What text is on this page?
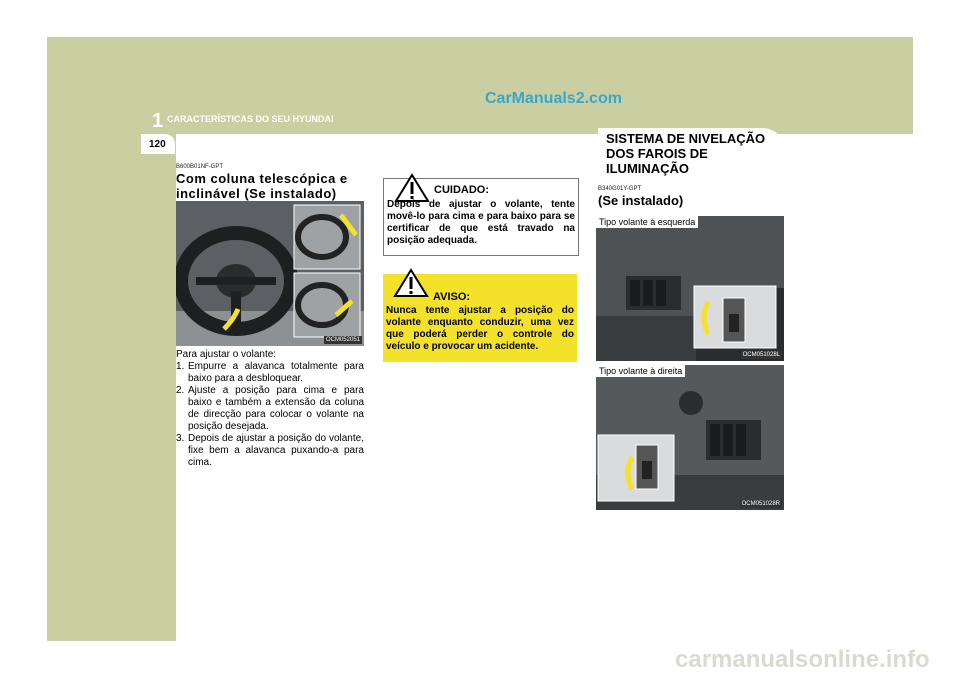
CarManuals2.com
1 CARACTERÍSTICAS DO SEU HYUNDAI
120	SISTEMA DE NIVELAÇÃO DOS FAROIS DE ILUMINAÇÃO
B600B01NF-GPT
Com coluna telescópica e inclinável (Se instalado)
OCM052051

Para ajustar o volante:

1. Empurre a alavanca totalmente para baixo para a desbloquear.
2. Ajuste a posição para cima e para baixo e também a extensão da coluna de direcção para colocar o volante na posição desejada.
3. Depois de ajustar a posição do volante, fixe bem a alavanca puxando-a para cima.
CUIDADO:
Depois de ajustar o volante, tente movê-lo para cima e para baixo para se certificar de que está travado na posição adequada.
AVISO:
Nunca tente ajustar a posição do volante enquanto conduzir, uma vez que poderá perder o controle do veículo e provocar um acidente.
B340G01Y-GPT
(Se instalado)
Tipo volante à esquerda
OCM051028L
Tipo volante à direita
OCM051028R
carmanualsonline.info
